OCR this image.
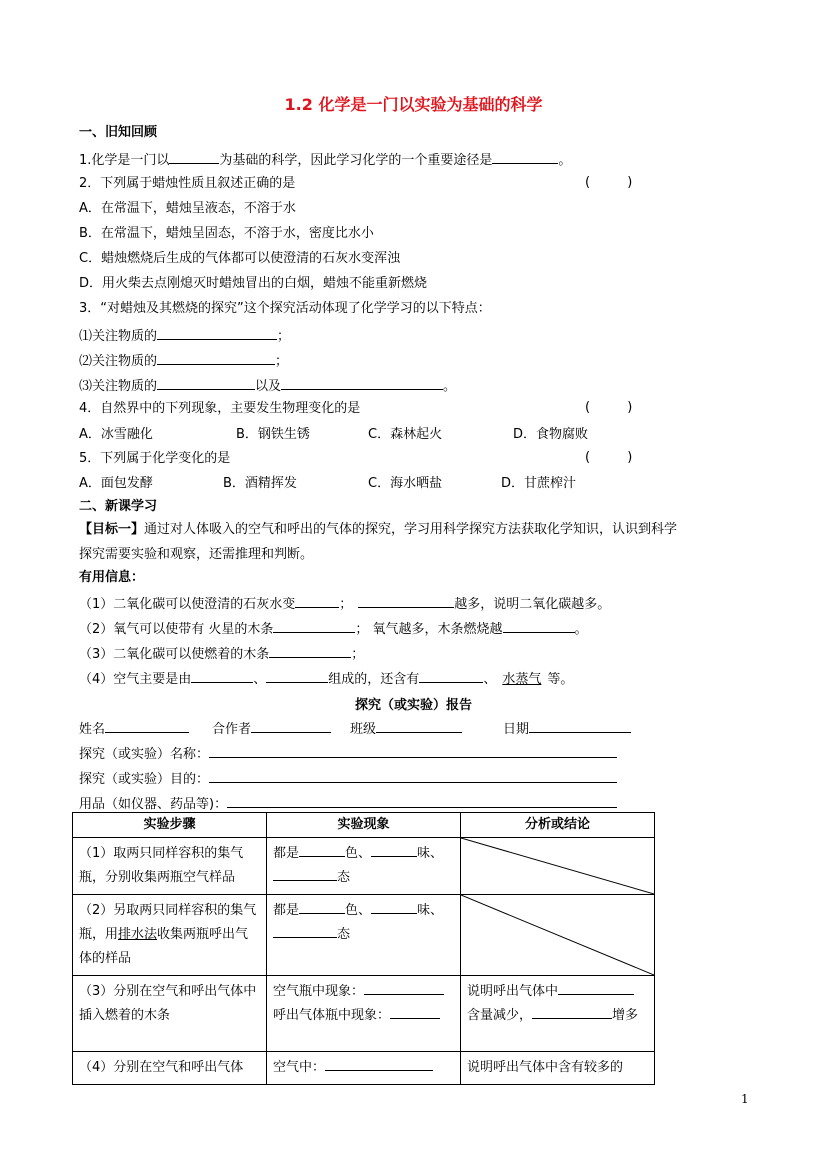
1.2 化学是一门以实验为基础的科学
一、旧知回顾
1.化学是一门以	为基础的科学，因此学习化学的一个重要途径是	。
2．下列属于蜡烛性质且叙述正确的是	(         )
A．在常温下，蜡烛呈液态，不溶于水
B．在常温下，蜡烛呈固态，不溶于水，密度比水小
C．蜡烛燃烧后生成的气体都可以使澄清的石灰水变浑浊
D．用火柴去点刚熄灭时蜡烛冒出的白烟，蜡烛不能重新燃烧
3．“对蜡烛及其燃烧的探究”这个探究活动体现了化学学习的以下特点：
⑴关注物质的	；
⑵关注物质的	；
⑶关注物质的	以及	。
4．自然界中的下列现象，主要发生物理变化的是	(         )
A．冰雪融化	B．钢铁生锈	C．森林起火	D．食物腐败
5．下列属于化学变化的是	(         )
A．面包发酵	B．酒精挥发	C．海水晒盐	D．甘蔗榨汁
二、新课学习
【目标一】通过对人体吸入的空气和呼出的气体的探究，学习用科学探究方法获取化学知识，认识到科学
探究需要实验和观察，还需推理和判断。
有用信息：
（1）二氧化碳可以使澄清的石灰水变	；	越多，说明二氧化碳越多。
（2）氧气可以使带有 火星的木条	； 氧气越多，木条燃烧越	。
（3）二氧化碳可以使燃着的木条	；
（4）空气主要是由	、	组成的，还含有	、 水蒸气 等。
探究（或实验）报告
姓名	合作者	班级	日期
探究（或实验）名称：
探究（或实验）目的：
用品（如仪器、药品等)：
实验步骤	实验现象	分析或结论
（1）取两只同样容积的集气瓶，分别收集两瓶空气样品	都是 色、 味、
态	

（2）另取两只同样容积的集气瓶，用排水法收集两瓶呼出气体的样品	都是 色、 味、
态	

（3）分别在空气和呼出气体中插入燃着的木条	空气瓶中现象：
呼出气体瓶中现象：	说明呼出气体中
含量减少， 增多
（4）分别在空气和呼出气体	空气中：	说明呼出气体中含有较多的
1
